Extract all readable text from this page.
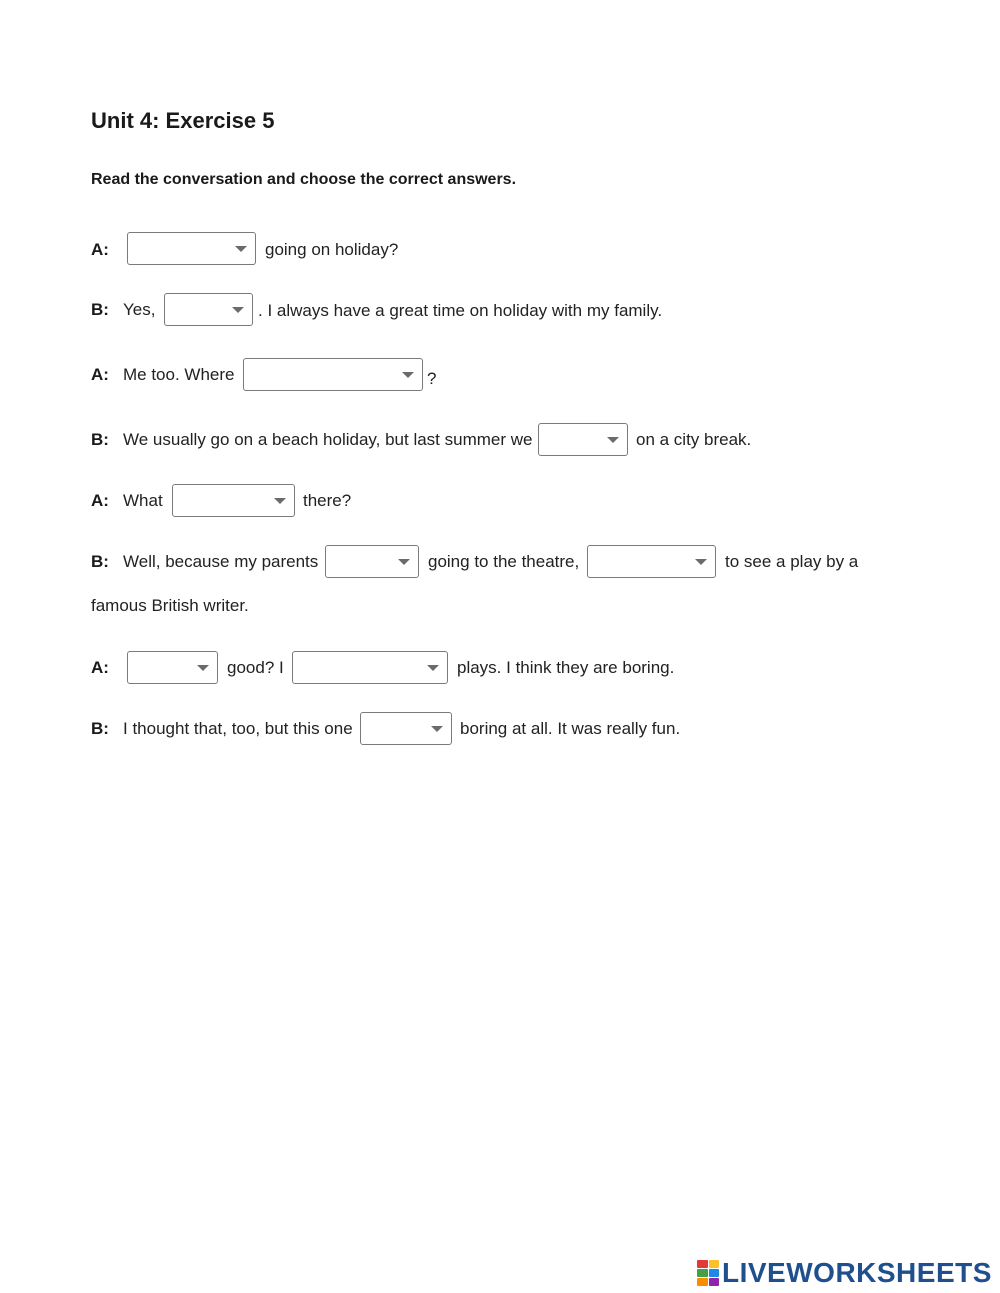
Unit 4: Exercise 5
Read the conversation and choose the correct answers.
A:	going on holiday?
B: Yes,	. I always have a great time on holiday with my family.
A: Me too. Where	?
B: We usually go on a beach holiday, but last summer we	on a city break.
A: What	there?
B: Well, because my parents	going to the theatre,	to see a play by a
famous British writer.
A:	good? I	plays. I think they are boring.
B: I thought that, too, but this one	boring at all. It was really fun.
LIVEWORKSHEETS
